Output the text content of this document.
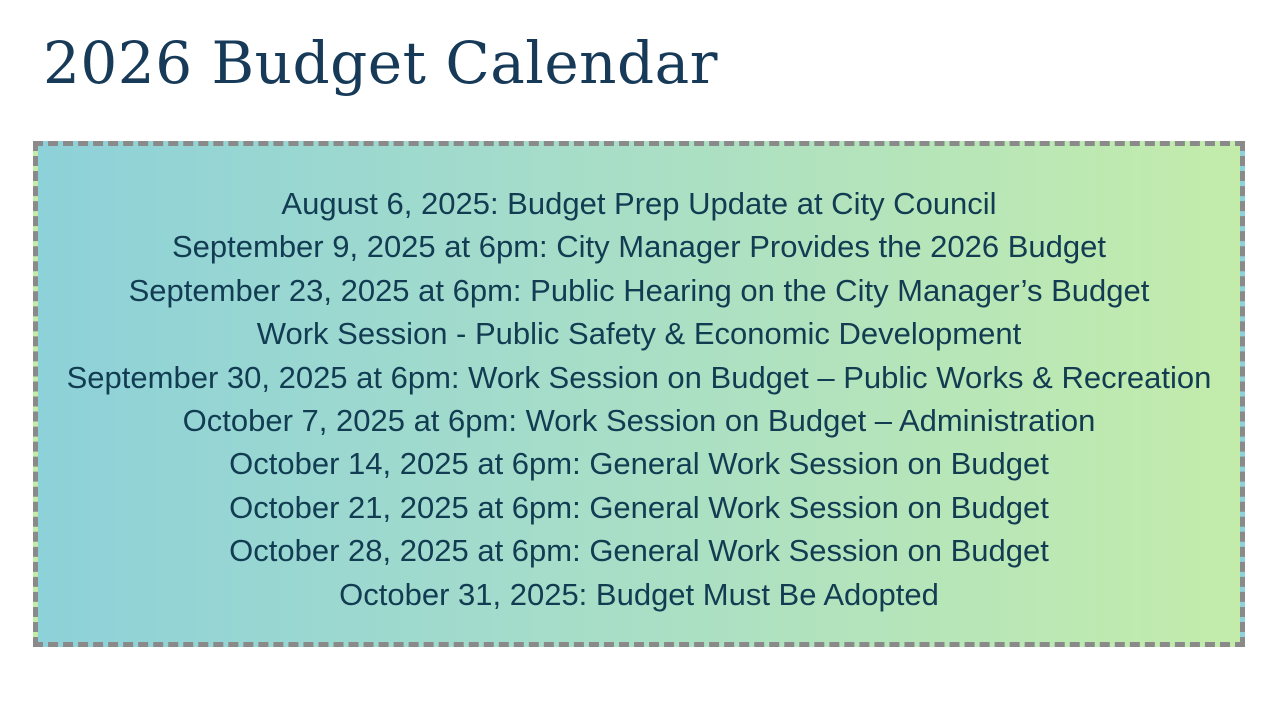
2026 Budget Calendar
August 6, 2025: Budget Prep Update at City Council
September 9, 2025 at 6pm: City Manager Provides the 2026 Budget
September 23, 2025 at 6pm: Public Hearing on the City Manager’s Budget
Work Session - Public Safety & Economic Development
September 30, 2025 at 6pm: Work Session on Budget – Public Works & Recreation
October 7, 2025 at 6pm: Work Session on Budget – Administration
October 14, 2025 at 6pm: General Work Session on Budget
October 21, 2025 at 6pm: General Work Session on Budget
October 28, 2025 at 6pm: General Work Session on Budget
October 31, 2025: Budget Must Be Adopted
